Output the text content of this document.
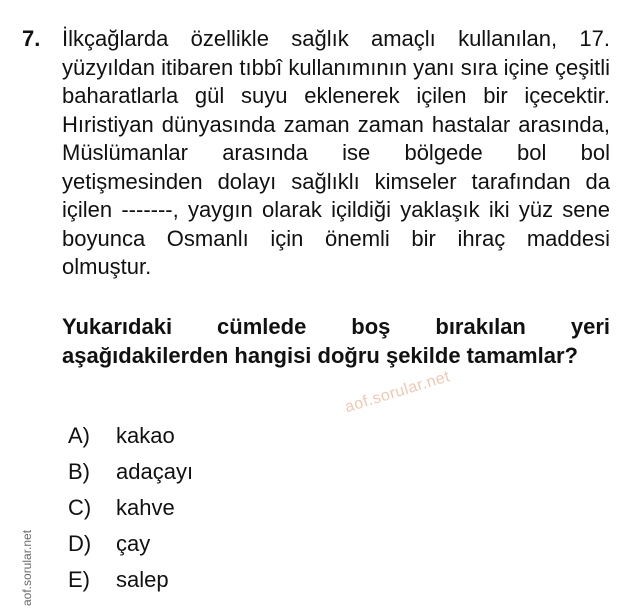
7. İlkçağlarda özellikle sağlık amaçlı kullanılan, 17. yüzyıldan itibaren tıbbî kullanımının yanı sıra içine çeşitli baharatlarla gül suyu eklenerek içilen bir içecektir. Hıristiyan dünyasında zaman zaman hastalar arasında, Müslümanlar arasında ise bölgede bol bol yetişmesinden dolayı sağlıklı kimseler tarafından da içilen -------, yaygın olarak içildiği yaklaşık iki yüz sene boyunca Osmanlı için önemli bir ihraç maddesi olmuştur.
Yukarıdaki cümlede boş bırakılan yeri aşağıdakilerden hangisi doğru şekilde tamamlar?
aof.sorular.net
A)	kakao
B)	adaçayı
C)	kahve
D)	çay
E)	salep
aof.sorular.net
